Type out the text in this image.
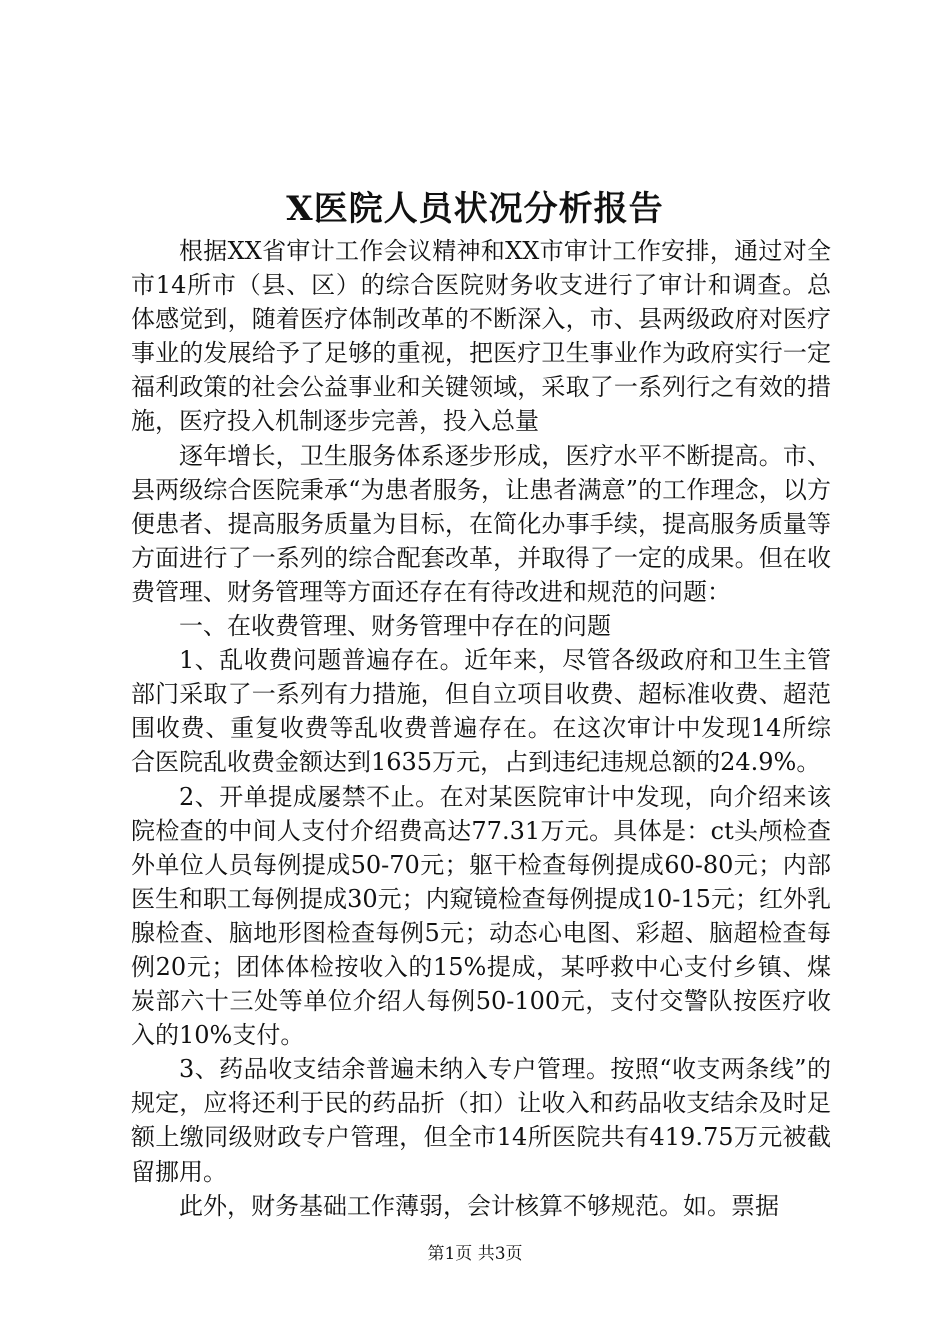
X医院人员状况分析报告

根据XX省审计工作会议精神和XX市审计工作安排，通过对全市14所市（县、区）的综合医院财务收支进行了审计和调查。总体感觉到，随着医疗体制改革的不断深入，市、县两级政府对医疗事业的发展给予了足够的重视，把医疗卫生事业作为政府实行一定福利政策的社会公益事业和关键领域，采取了一系列行之有效的措施，医疗投入机制逐步完善，投入总量

逐年增长，卫生服务体系逐步形成，医疗水平不断提高。市、县两级综合医院秉承“为患者服务，让患者满意”的工作理念，以方便患者、提高服务质量为目标，在简化办事手续，提高服务质量等方面进行了一系列的综合配套改革，并取得了一定的成果。但在收费管理、财务管理等方面还存在有待改进和规范的问题：

一、在收费管理、财务管理中存在的问题

1、乱收费问题普遍存在。近年来，尽管各级政府和卫生主管部门采取了一系列有力措施，但自立项目收费、超标准收费、超范围收费、重复收费等乱收费普遍存在。在这次审计中发现14所综合医院乱收费金额达到1635万元，占到违纪违规总额的24.9%。

2、开单提成屡禁不止。在对某医院审计中发现，向介绍来该院检查的中间人支付介绍费高达77.31万元。具体是：ct头颅检查外单位人员每例提成50-70元；躯干检查每例提成60-80元；内部医生和职工每例提成30元；内窥镜检查每例提成10-15元；红外乳腺检查、脑地形图检查每例5元；动态心电图、彩超、脑超检查每例20元；团体体检按收入的15%提成，某呼救中心支付乡镇、煤炭部六十三处等单位介绍人每例50-100元，支付交警队按医疗收入的10%支付。

3、药品收支结余普遍未纳入专户管理。按照“收支两条线”的规定，应将还利于民的药品折（扣）让收入和药品收支结余及时足额上缴同级财政专户管理，但全市14所医院共有419.75万元被截留挪用。

此外，财务基础工作薄弱，会计核算不够规范。如。票据

第1页 共3页
